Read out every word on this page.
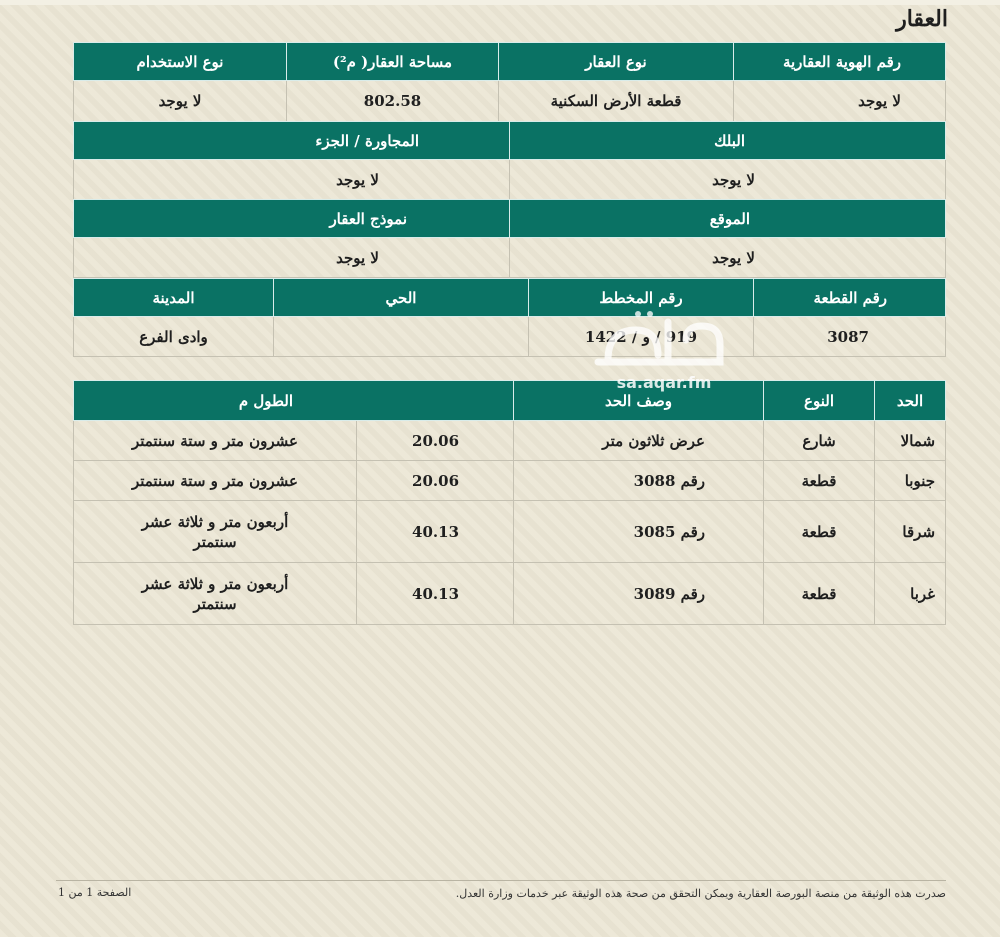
العقار
رقم الهوية العقارية	نوع العقار	مساحة العقار( م²)	نوع الاستخدام
لا يوجد	قطعة الأرض السكنية	802.58	لا يوجد
البلك	المجاورة / الجزء
لا يوجد	لا يوجد
الموقع	نموذج العقار
لا يوجد	لا يوجد
رقم القطعة	رقم المخطط	الحي	المدينة
3087	919 / و / 1422		وادى الفرع
الحد	النوع	وصف الحد	الطول م	
شمالا	شارع	عرض ثلاثون متر	20.06	عشرون متر و ستة سنتمتر
جنوبا	قطعة	رقم 3088	20.06	عشرون متر و ستة سنتمتر
شرقا	قطعة	رقم 3085	40.13	أربعون متر و ثلاثة عشر سنتمتر
غربا	قطعة	رقم 3089	40.13	أربعون متر و ثلاثة عشر سنتمتر
sa.aqar.fm
صدرت هذه الوثيقة من منصة البورصة العقارية ويمكن التحقق من صحة هذه الوثيقة عبر خدمات وزارة العدل.
الصفحة 1 من 1
